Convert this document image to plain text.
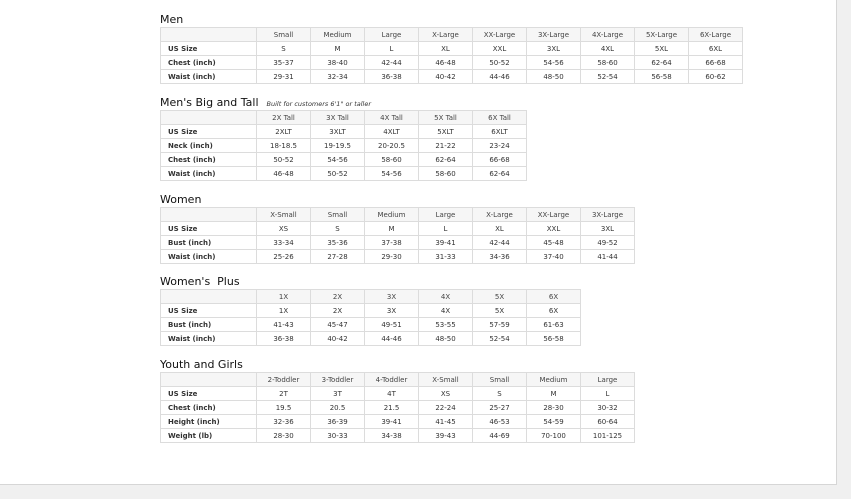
Men
	Small	Medium	Large	X-Large	XX-Large	3X-Large	4X-Large	5X-Large	6X-Large
US Size	S	M	L	XL	XXL	3XL	4XL	5XL	6XL
Chest (inch)	35-37	38-40	42-44	46-48	50-52	54-56	58-60	62-64	66-68
Waist (inch)	29-31	32-34	36-38	40-42	44-46	48-50	52-54	56-58	60-62
Men's Big and Tall Built for customers 6'1" or taller
	2X Tall	3X Tall	4X Tall	5X Tall	6X Tall
US Size	2XLT	3XLT	4XLT	5XLT	6XLT
Neck (inch)	18-18.5	19-19.5	20-20.5	21-22	23-24
Chest (inch)	50-52	54-56	58-60	62-64	66-68
Waist (inch)	46-48	50-52	54-56	58-60	62-64
Women
	X-Small	Small	Medium	Large	X-Large	XX-Large	3X-Large
US Size	XS	S	M	L	XL	XXL	3XL
Bust (inch)	33-34	35-36	37-38	39-41	42-44	45-48	49-52
Waist (inch)	25-26	27-28	29-30	31-33	34-36	37-40	41-44
Women's  Plus
	1X	2X	3X	4X	5X	6X
US Size	1X	2X	3X	4X	5X	6X
Bust (inch)	41-43	45-47	49-51	53-55	57-59	61-63
Waist (inch)	36-38	40-42	44-46	48-50	52-54	56-58
Youth and Girls
	2-Toddler	3-Toddler	4-Toddler	X-Small	Small	Medium	Large
US Size	2T	3T	4T	XS	S	M	L
Chest (inch)	19.5	20.5	21.5	22-24	25-27	28-30	30-32
Height (inch)	32-36	36-39	39-41	41-45	46-53	54-59	60-64
Weight (lb)	28-30	30-33	34-38	39-43	44-69	70-100	101-125
